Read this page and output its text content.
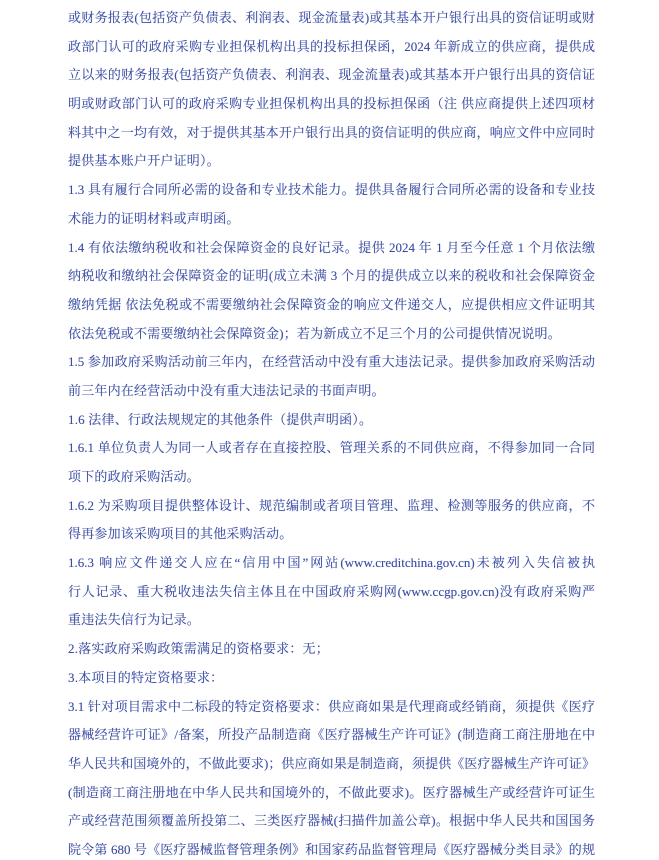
或财务报表(包括资产负债表、利润表、现金流量表)或其基本开户银行出具的资信证明或财
政部门认可的政府采购专业担保机构出具的投标担保函，2024 年新成立的供应商，提供成
立以来的财务报表(包括资产负债表、利润表、现金流量表)或其基本开户银行出具的资信证
明或财政部门认可的政府采购专业担保机构出具的投标担保函（注 供应商提供上述四项材
料其中之一均有效，对于提供其基本开户银行出具的资信证明的供应商，响应文件中应同时
提供基本账户开户证明）。
1.3 具有履行合同所必需的设备和专业技术能力。提供具备履行合同所必需的设备和专业技
术能力的证明材料或声明函。
1.4 有依法缴纳税收和社会保障资金的良好记录。提供 2024 年 1 月至今任意 1 个月依法缴
纳税收和缴纳社会保障资金的证明(成立未满 3 个月的提供成立以来的税收和社会保障资金
缴纳凭据 依法免税或不需要缴纳社会保障资金的响应文件递交人，应提供相应文件证明其
依法免税或不需要缴纳社会保障资金)；若为新成立不足三个月的公司提供情况说明。
1.5 参加政府采购活动前三年内，在经营活动中没有重大违法记录。提供参加政府采购活动
前三年内在经营活动中没有重大违法记录的书面声明。
1.6 法律、行政法规规定的其他条件（提供声明函）。
1.6.1 单位负责人为同一人或者存在直接控股、管理关系的不同供应商，不得参加同一合同
项下的政府采购活动。
1.6.2 为采购项目提供整体设计、规范编制或者项目管理、监理、检测等服务的供应商，不
得再参加该采购项目的其他采购活动。
1.6.3 响应文件递交人应在“信用中国”网站(www.creditchina.gov.cn)未被列入失信被执
行人记录、重大税收违法失信主体且在中国政府采购网(www.ccgp.gov.cn)没有政府采购严
重违法失信行为记录。
2.落实政府采购政策需满足的资格要求：无；
3.本项目的特定资格要求：
3.1 针对项目需求中二标段的特定资格要求：供应商如果是代理商或经销商，须提供《医疗
器械经营许可证》/备案，所投产品制造商《医疗器械生产许可证》(制造商工商注册地在中
华人民共和国境外的，不做此要求)；供应商如果是制造商，须提供《医疗器械生产许可证》
(制造商工商注册地在中华人民共和国境外的，不做此要求)。医疗器械生产或经营许可证生
产或经营范围须覆盖所投第二、三类医疗器械(扫描件加盖公章)。根据中华人民共和国国务
院令第 680 号《医疗器械监督管理条例》和国家药品监督管理局《医疗器械分类目录》的规
